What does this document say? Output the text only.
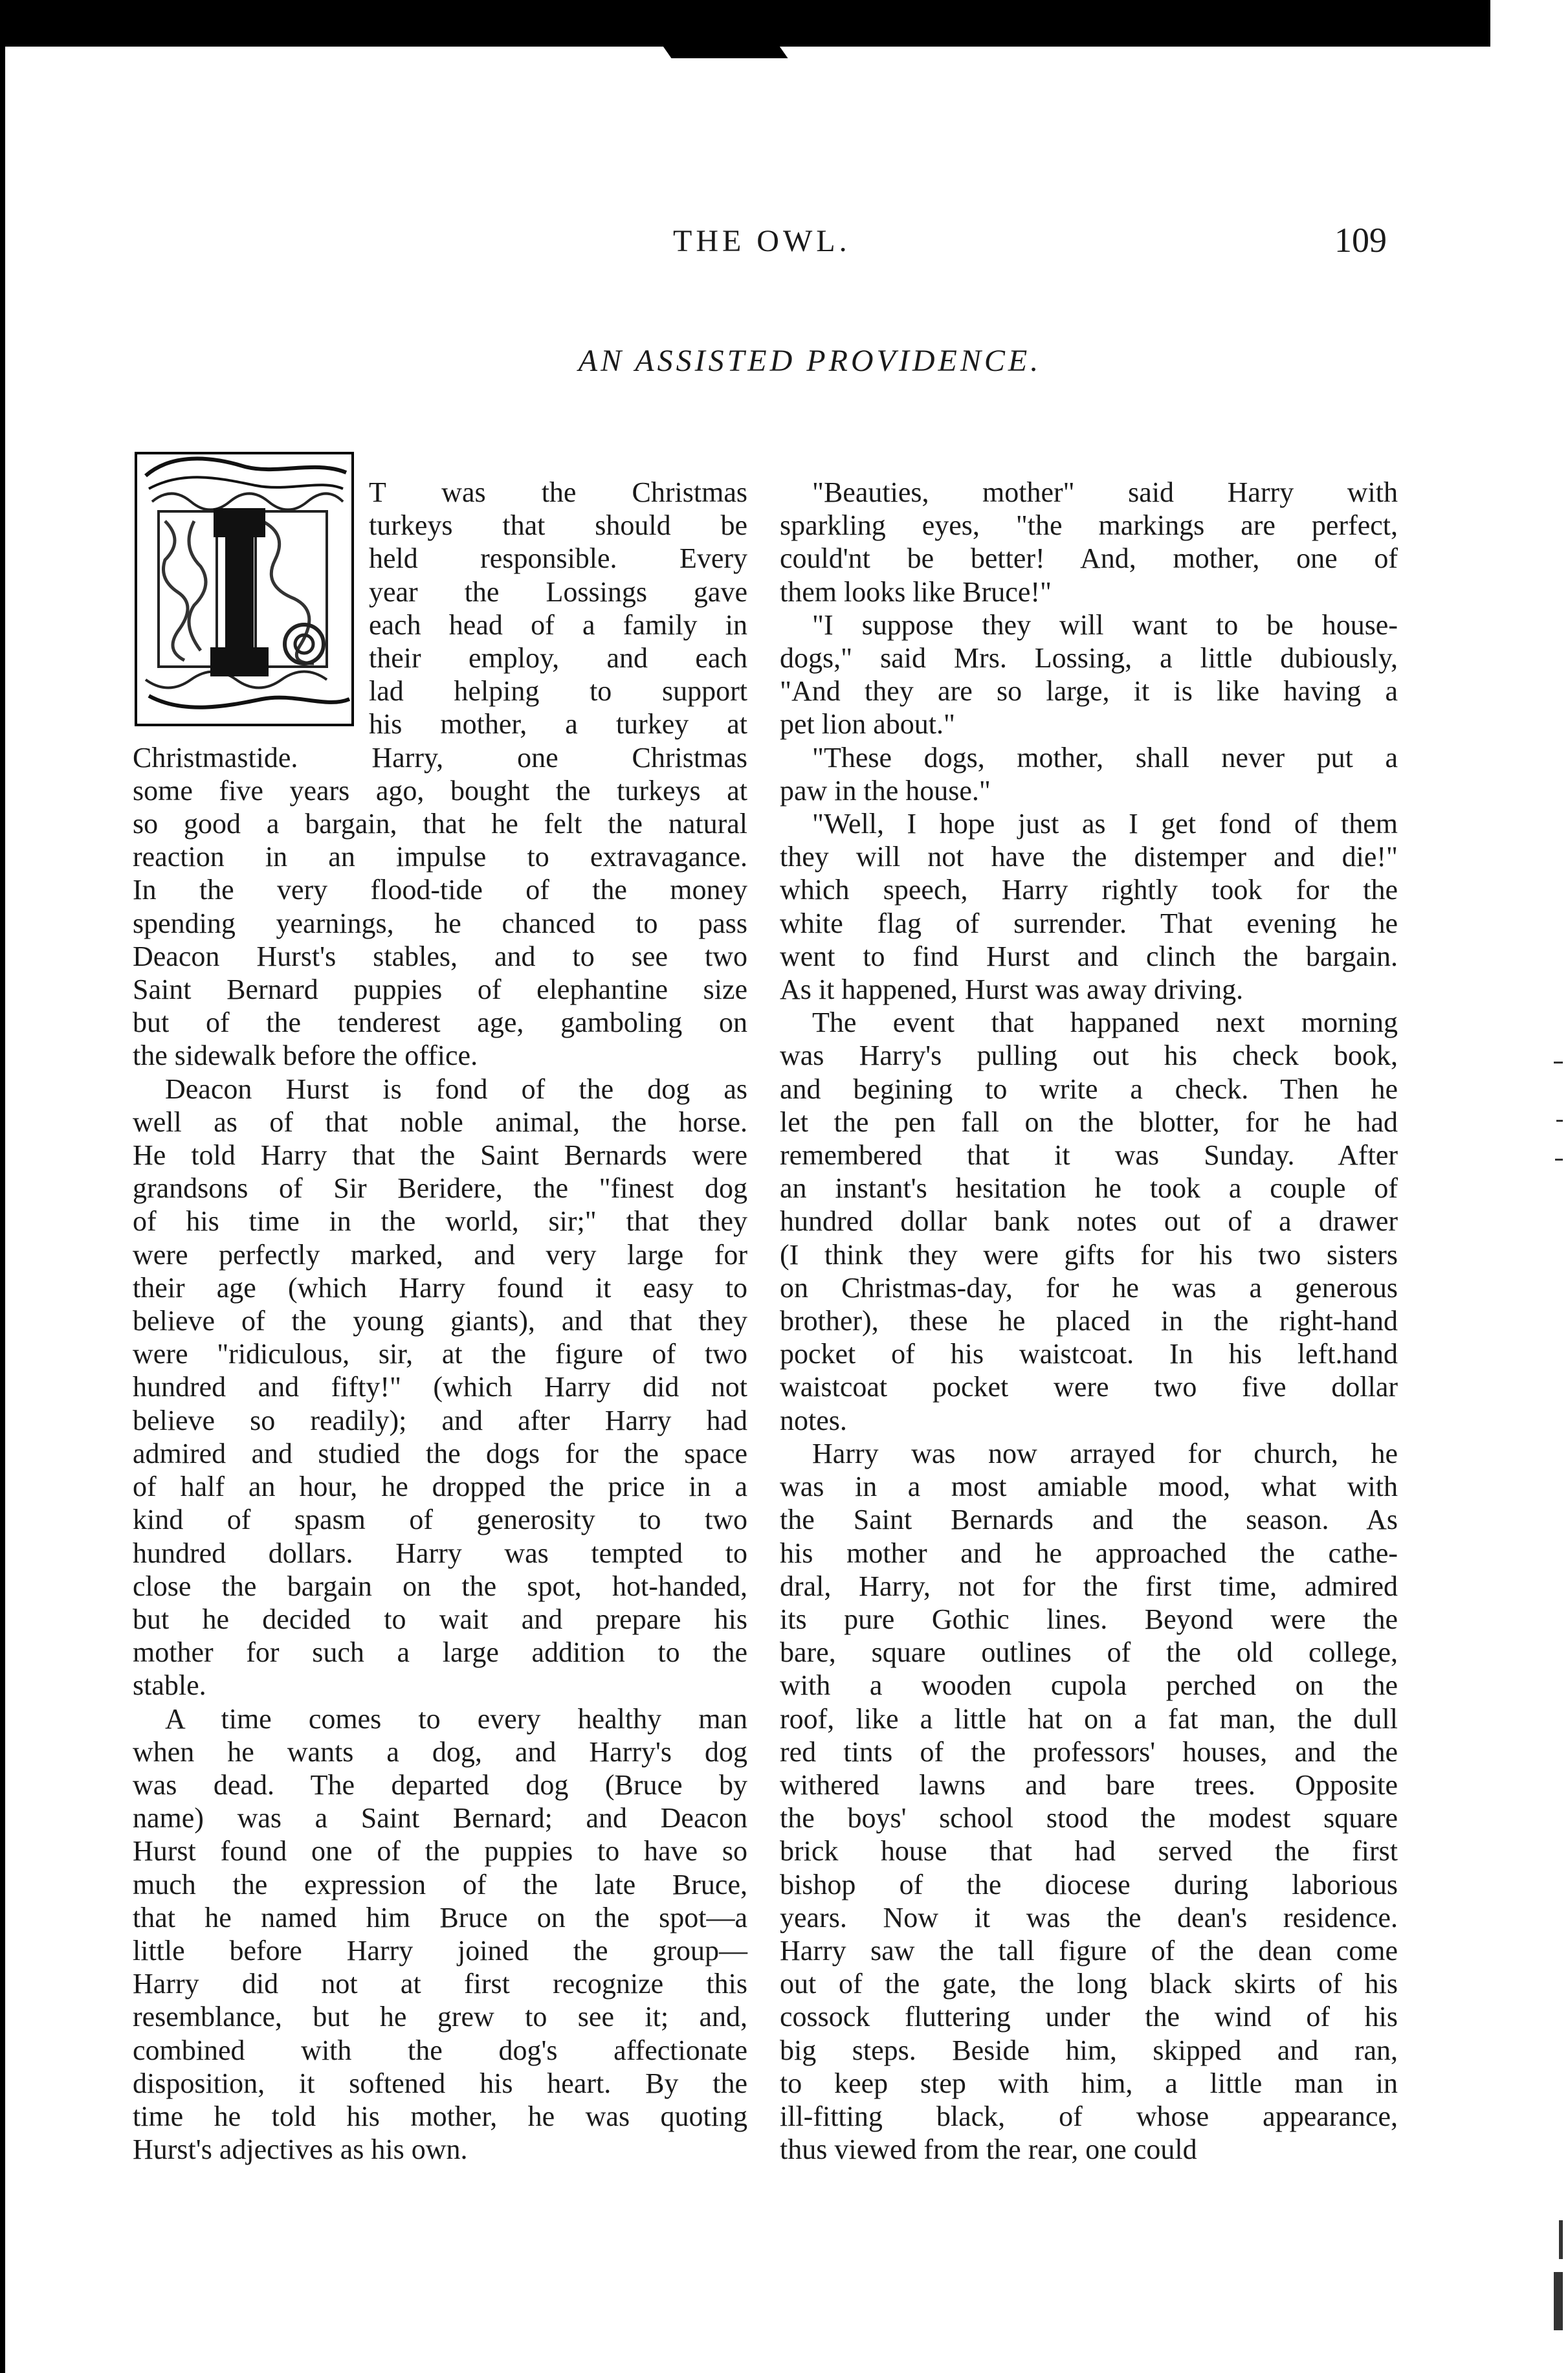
THE OWL.	109
AN ASSISTED PROVIDENCE.
T was the Christmas
turkeys that should be
held responsible. Every
year the Lossings gave
each head of a family in
their employ, and each
lad helping to support
his mother, a turkey at
Christmastide. Harry, one Christmas
some five years ago, bought the turkeys at
so good a bargain, that he felt the natural
reaction in an impulse to extravagance.
In the very flood-tide of the money
spending yearnings, he chanced to pass
Deacon Hurst's stables, and to see two
Saint Bernard puppies of elephantine size
but of the tenderest age, gamboling on
the sidewalk before the office.
Deacon Hurst is fond of the dog as
well as of that noble animal, the horse.
He told Harry that the Saint Bernards were
grandsons of Sir Beridere, the "finest dog
of his time in the world, sir;" that they
were perfectly marked, and very large for
their age (which Harry found it easy to
believe of the young giants), and that they
were "ridiculous, sir, at the figure of two
hundred and fifty!" (which Harry did not
believe so readily); and after Harry had
admired and studied the dogs for the space
of half an hour, he dropped the price in a
kind of spasm of generosity to two
hundred dollars. Harry was tempted to
close the bargain on the spot, hot-handed,
but he decided to wait and prepare his
mother for such a large addition to the
stable.
A time comes to every healthy man
when he wants a dog, and Harry's dog
was dead. The departed dog (Bruce by
name) was a Saint Bernard; and Deacon
Hurst found one of the puppies to have so
much the expression of the late Bruce,
that he named him Bruce on the spot—a
little before Harry joined the group—
Harry did not at first recognize this
resemblance, but he grew to see it; and,
combined with the dog's affectionate
disposition, it softened his heart. By the
time he told his mother, he was quoting
Hurst's adjectives as his own.
"Beauties, mother" said Harry with
sparkling eyes, "the markings are perfect,
could'nt be better! And, mother, one of
them looks like Bruce!"
"I suppose they will want to be house-
dogs," said Mrs. Lossing, a little dubiously,
"And they are so large, it is like having a
pet lion about."
"These dogs, mother, shall never put a
paw in the house."
"Well, I hope just as I get fond of them
they will not have the distemper and die!"
which speech, Harry rightly took for the
white flag of surrender. That evening he
went to find Hurst and clinch the bargain.
As it happened, Hurst was away driving.
The event that happaned next morning
was Harry's pulling out his check book,
and begining to write a check. Then he
let the pen fall on the blotter, for he had
remembered that it was Sunday. After
an instant's hesitation he took a couple of
hundred dollar bank notes out of a drawer
(I think they were gifts for his two sisters
on Christmas-day, for he was a generous
brother), these he placed in the right-hand
pocket of his waistcoat. In his left.hand
waistcoat pocket were two five dollar
notes.
Harry was now arrayed for church, he
was in a most amiable mood, what with
the Saint Bernards and the season. As
his mother and he approached the cathe-
dral, Harry, not for the first time, admired
its pure Gothic lines. Beyond were the
bare, square outlines of the old college,
with a wooden cupola perched on the
roof, like a little hat on a fat man, the dull
red tints of the professors' houses, and the
withered lawns and bare trees. Opposite
the boys' school stood the modest square
brick house that had served the first
bishop of the diocese during laborious
years. Now it was the dean's residence.
Harry saw the tall figure of the dean come
out of the gate, the long black skirts of his
cossock fluttering under the wind of his
big steps. Beside him, skipped and ran,
to keep step with him, a little man in
ill-fitting black, of whose appearance,
thus viewed from the rear, one could
